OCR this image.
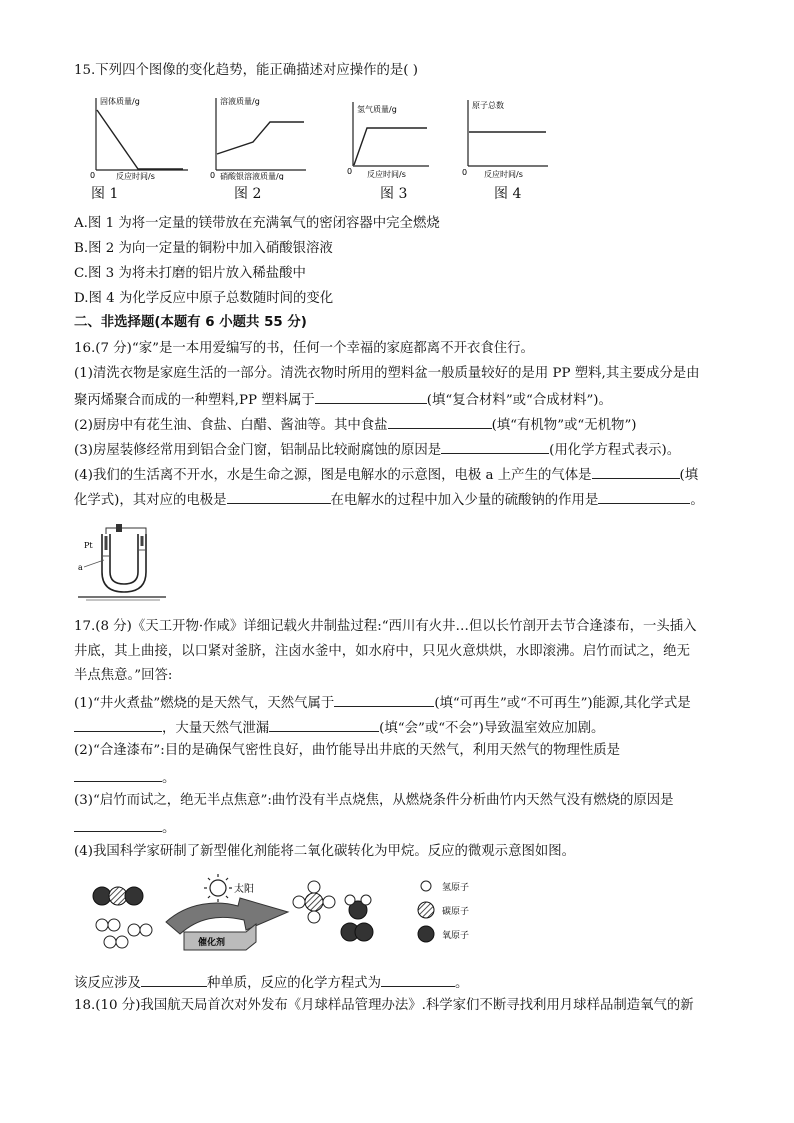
15.下列四个图像的变化趋势，能正确描述对应操作的是( )
固体质量/g
0	反应时间/s
图 1
溶液质量/g
0 硝酸银溶液质量/g
图 2
氢气质量/g
0 反应时间/s
图 3
原子总数
0 反应时间/s
图 4
A.图 1 为将一定量的镁带放在充满氧气的密闭容器中完全燃烧
B.图 2 为向一定量的铜粉中加入硝酸银溶液
C.图 3 为将未打磨的铝片放入稀盐酸中
D.图 4 为化学反应中原子总数随时间的变化
二、非选择题(本题有 6 小题共 55 分)
16.(7 分)“家”是一本用爱编写的书，任何一个幸福的家庭都离不开衣食住行。
(1)清洗衣物是家庭生活的一部分。清洗衣物时所用的塑料盆一般质量较好的是用 PP 塑料,其主要成分是由
聚丙烯聚合而成的一种塑料,PP 塑料属于	(填“复合材料”或“合成材料”)。
(2)厨房中有花生油、食盐、白醋、酱油等。其中食盐	(填“有机物”或“无机物”)
(3)房屋装修经常用到铝合金门窗，铝制品比较耐腐蚀的原因是	(用化学方程式表示)。
(4)我们的生活离不开水，水是生命之源，图是电解水的示意图，电极 a 上产生的气体是	(填
化学式)，其对应的电极是	在电解水的过程中加入少量的硫酸钠的作用是	。
Pt
a
17.(8 分)《天工开物·作咸》详细记载火井制盐过程:“西川有火井…但以长竹剖开去节合逢漆布，一头插入
井底，其上曲接，以口紧对釜脐，注卤水釜中，如水府中，只见火意烘烘，水即滚沸。启竹而试之，绝无
半点焦意。”回答:
(1)“井火煮盐”燃烧的是天然气，天然气属于	(填“可再生”或“不可再生”)能源,其化学式是
，大量天然气泄漏	(填“会”或“不会”)导致温室效应加剧。
(2)“合逢漆布”:目的是确保气密性良好，曲竹能导出井底的天然气，利用天然气的物理性质是
。
(3)“启竹而试之，绝无半点焦意”:曲竹没有半点烧焦，从燃烧条件分析曲竹内天然气没有燃烧的原因是
。
(4)我国科学家研制了新型催化剂能将二氧化碳转化为甲烷。反应的微观示意图如图。
太阳
催化剂
氢原子
碳原子
氧原子
该反应涉及	种单质，反应的化学方程式为	。
18.(10 分)我国航天局首次对外发布《月球样品管理办法》.科学家们不断寻找利用月球样品制造氧气的新
